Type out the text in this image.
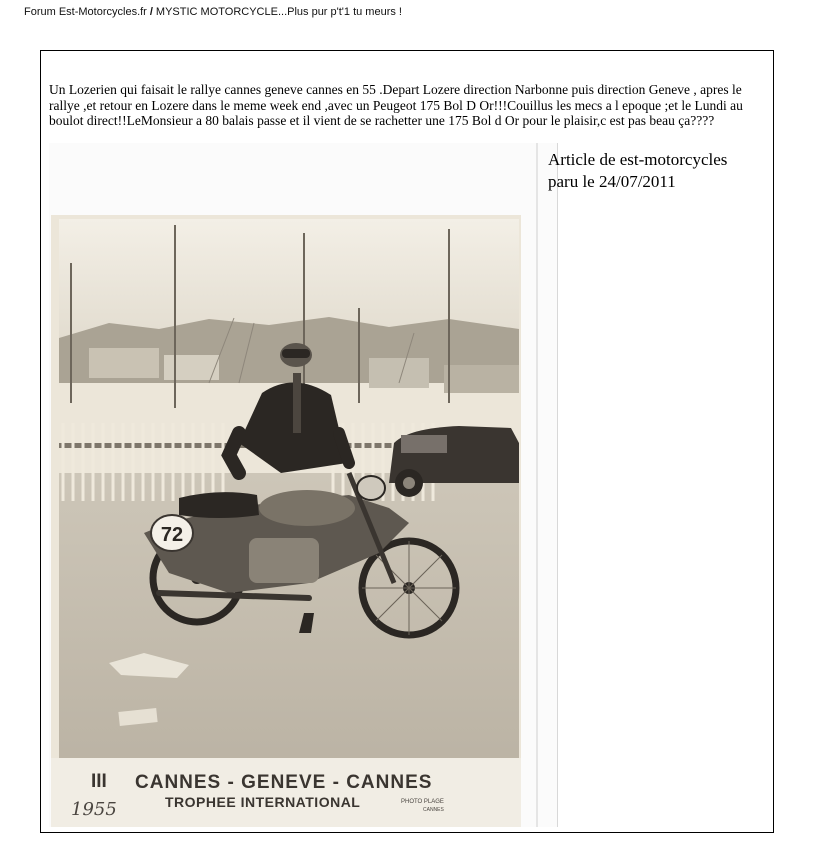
Forum Est-Motorcycles.fr / MYSTIC MOTORCYCLE...Plus pur p't'1 tu meurs !
Un Lozerien qui faisait le rallye cannes geneve cannes en 55 .Depart Lozere direction Narbonne puis direction Geneve , apres le rallye ,et retour en Lozere dans le meme week end ,avec un Peugeot 175 Bol D Or!!!Couillus les mecs a l epoque ;et le Lundi au boulot direct!!LeMonsieur a 80 balais passe et il vient de se rachetter une 175 Bol d Or pour le plaisir,c est pas beau ça????
72
III CANNES - GENEVE - CANNES
TROPHEE INTERNATIONAL
1955	PHOTO PLAGE
CANNES
Article de est-motorcycles
paru le 24/07/2011
